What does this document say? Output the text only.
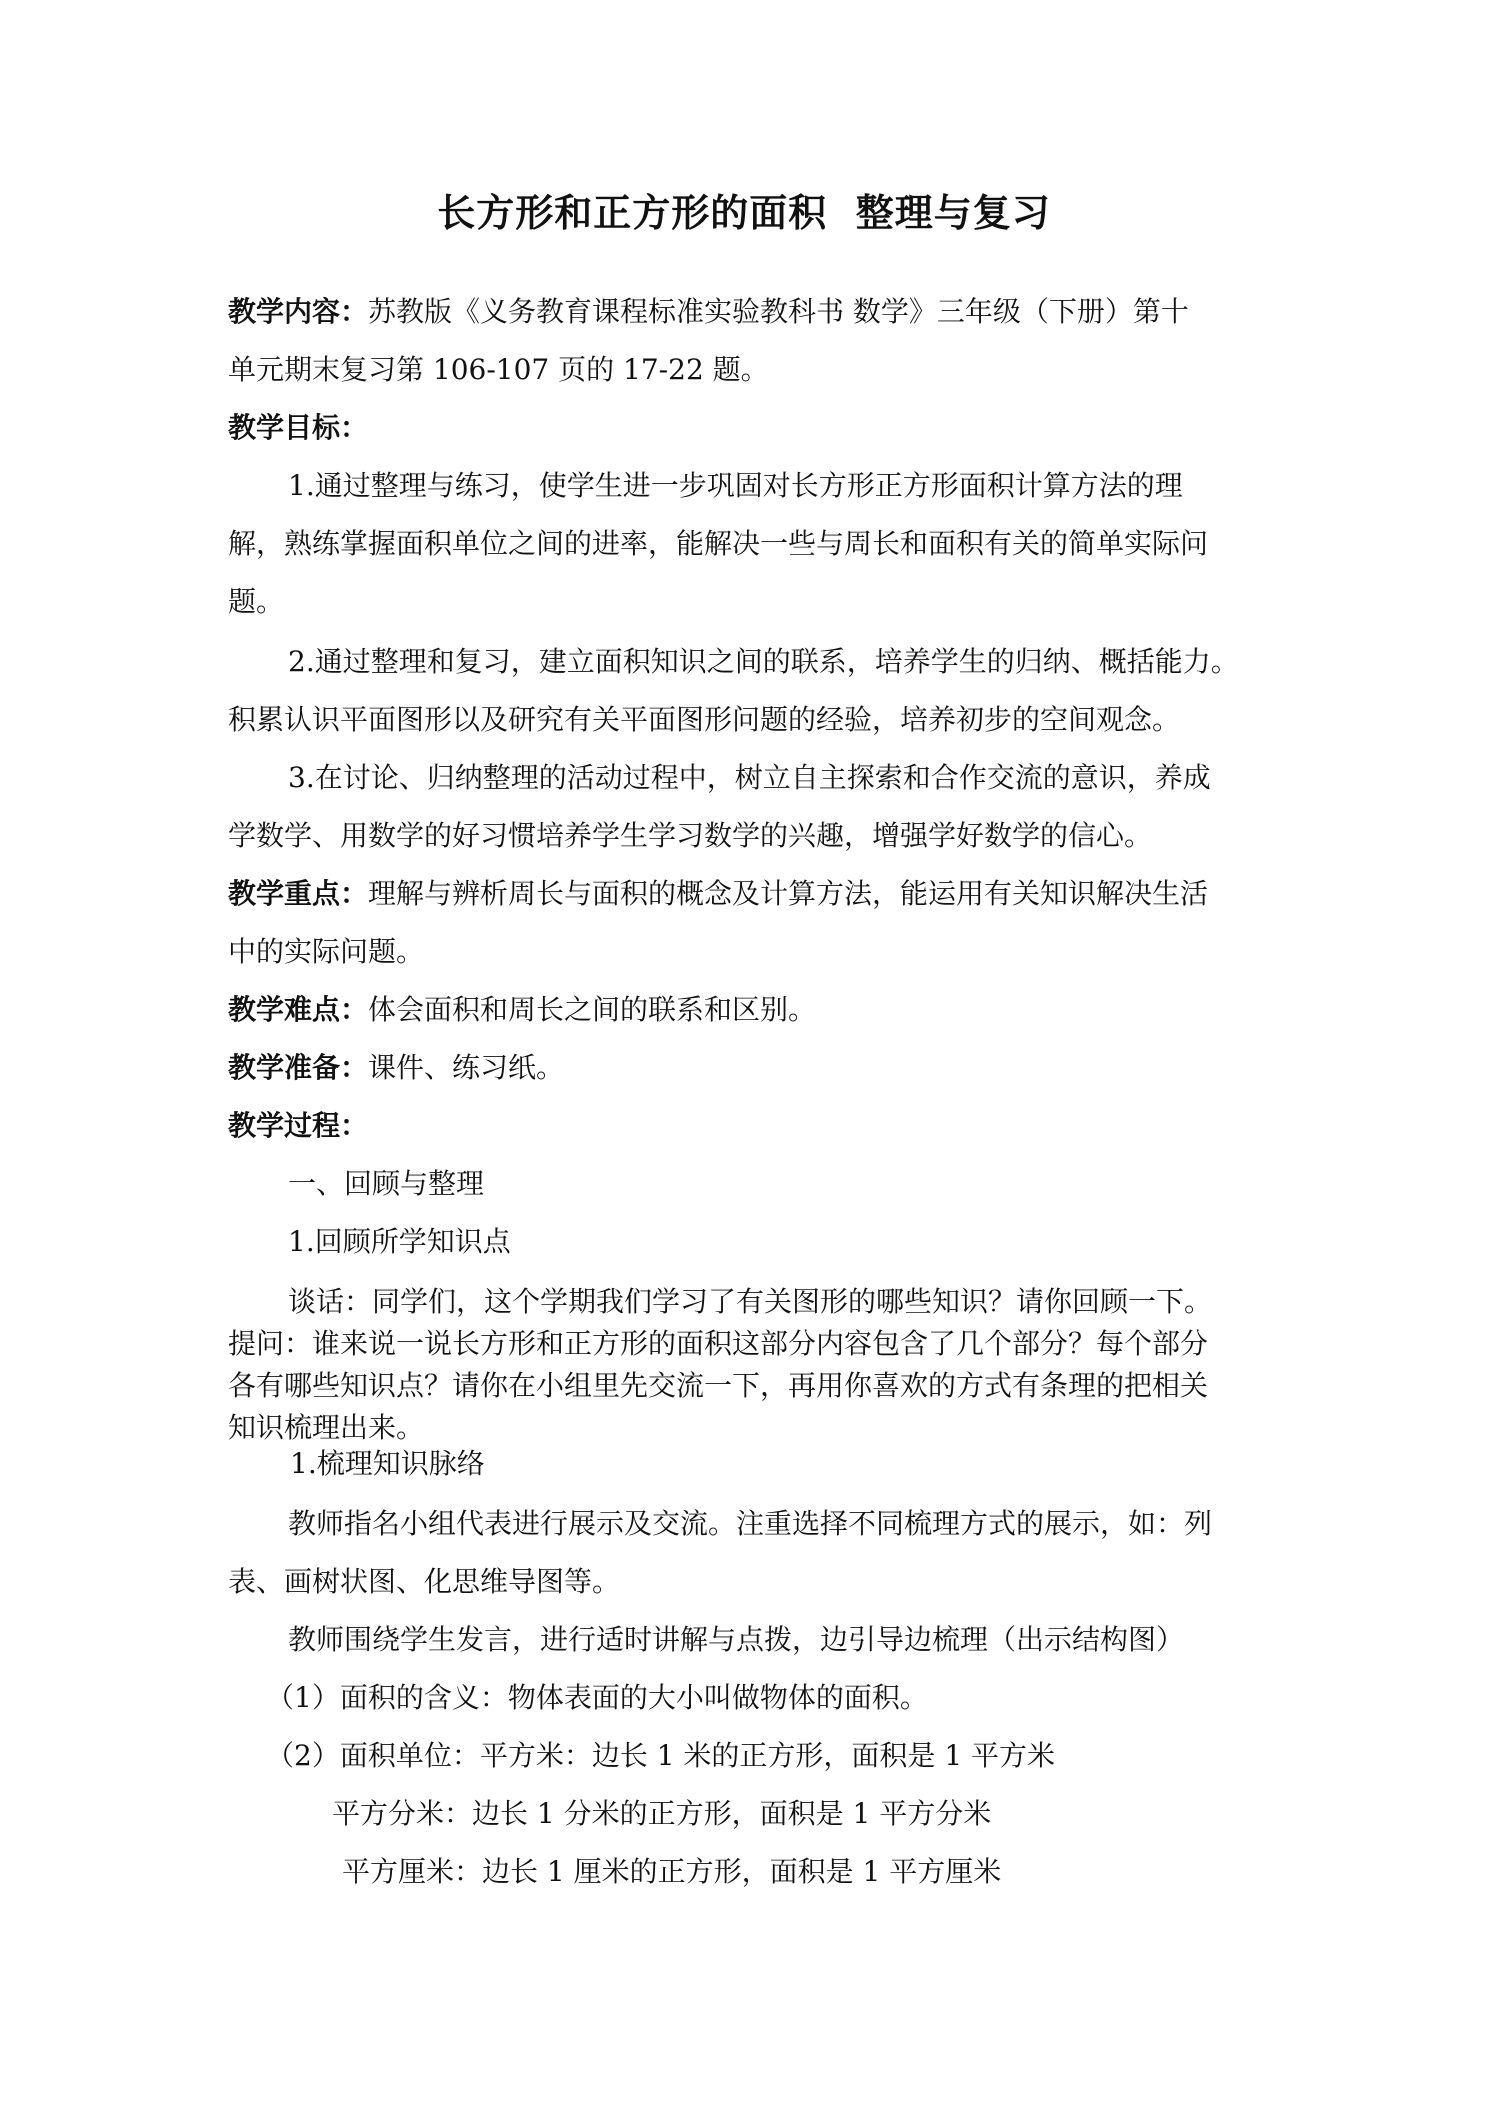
长方形和正方形的面积  整理与复习
教学内容：苏教版《义务教育课程标准实验教科书 数学》三年级（下册）第十
单元期末复习第 106-107 页的 17-22 题。
教学目标：
1.通过整理与练习，使学生进一步巩固对长方形正方形面积计算方法的理
解，熟练掌握面积单位之间的进率，能解决一些与周长和面积有关的简单实际问
题。
2.通过整理和复习，建立面积知识之间的联系，培养学生的归纳、概括能力。
积累认识平面图形以及研究有关平面图形问题的经验，培养初步的空间观念。
3.在讨论、归纳整理的活动过程中，树立自主探索和合作交流的意识，养成
学数学、用数学的好习惯培养学生学习数学的兴趣，增强学好数学的信心。
教学重点：理解与辨析周长与面积的概念及计算方法，能运用有关知识解决生活
中的实际问题。
教学难点：体会面积和周长之间的联系和区别。
教学准备：课件、练习纸。
教学过程：
一、回顾与整理
1.回顾所学知识点
谈话：同学们，这个学期我们学习了有关图形的哪些知识？请你回顾一下。
提问：谁来说一说长方形和正方形的面积这部分内容包含了几个部分？每个部分
各有哪些知识点？请你在小组里先交流一下，再用你喜欢的方式有条理的把相关
知识梳理出来。
1.梳理知识脉络
教师指名小组代表进行展示及交流。注重选择不同梳理方式的展示，如：列
表、画树状图、化思维导图等。
教师围绕学生发言，进行适时讲解与点拨，边引导边梳理（出示结构图）
（1）面积的含义：物体表面的大小叫做物体的面积。
（2）面积单位：平方米：边长 1 米的正方形，面积是 1 平方米
平方分米：边长 1 分米的正方形，面积是 1 平方分米
平方厘米：边长 1 厘米的正方形，面积是 1 平方厘米
